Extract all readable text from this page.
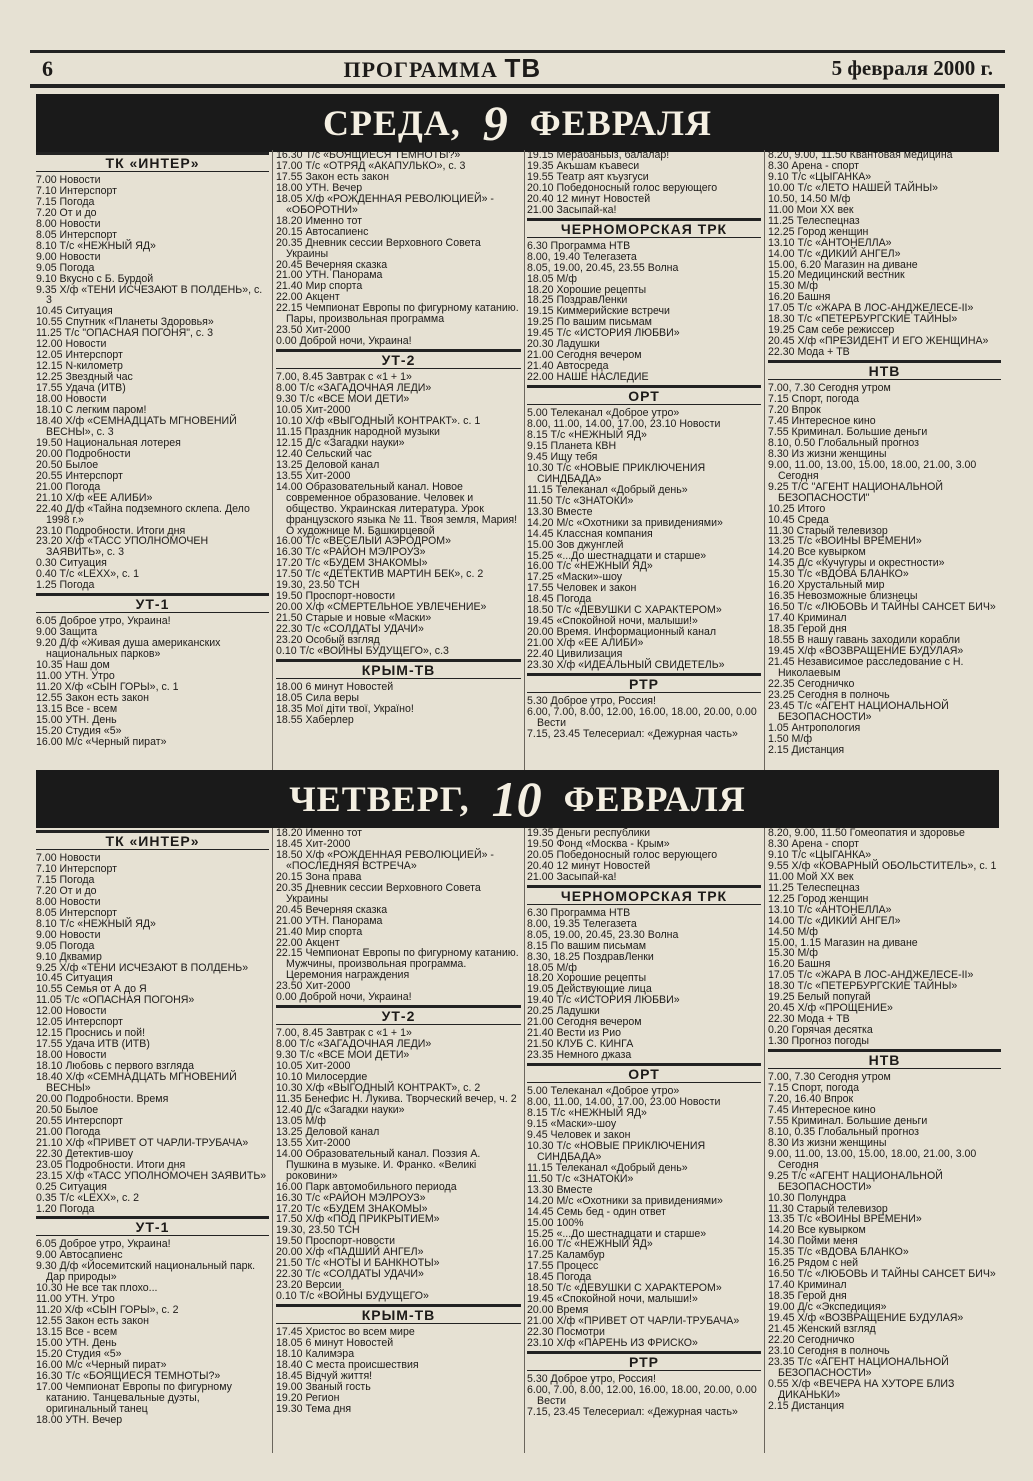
6	ПРОГРАММА ТВ	5 февраля 2000 г.
СРЕДА, 9 ФЕВРАЛЯ
ТК «ИНТЕР»
7.00 Новости
7.10 Интерспорт
7.15 Погода
7.20 От и до
8.00 Новости
8.05 Интерспорт
8.10 Т/с «НЕЖНЫЙ ЯД»
9.00 Новости
9.05 Погода
9.10 Вкусно с Б. Бурдой
9.35 Х/ф «ТЕНИ ИСЧЕЗАЮТ В ПОЛДЕНЬ», с. 3
10.45 Ситуация
10.55 Спутник «Планеты Здоровья»
11.25 Т/с "ОПАСНАЯ ПОГОНЯ", с. 3
12.00 Новости
12.05 Интерспорт
12.15 N-километр
12.25 Звездный час
17.55 Удача (ИТВ)
18.00 Новости
18.10 С легким паром!
18.40 Х/ф «СЕМНАДЦАТЬ МГНОВЕНИЙ ВЕСНЫ», с. 3
19.50 Национальная лотерея
20.00 Подробности
20.50 Былое
20.55 Интерспорт
21.00 Погода
21.10 Х/ф «ЕЕ АЛИБИ»
22.40 Д/ф «Тайна подземного склепа. Дело 1998 г.»
23.10 Подробности. Итоги дня
23.20 Х/ф «ТАСС УПОЛНОМОЧЕН ЗАЯВИТЬ», с. 3
0.30 Ситуация
0.40 Т/с «LEXX», с. 1
1.25 Погода
УТ-1
6.05 Доброе утро, Украина!
9.00 Защита
9.20 Д/ф «Живая душа американских национальных парков»
10.35 Наш дом
11.00 УТН. Утро
11.20 Х/ф «СЫН ГОРЫ», с. 1
12.55 Закон есть закон
13.15 Все - всем
15.00 УТН. День
15.20 Студия «5»
16.00 М/с «Черный пират»
16.30 Т/с «БОЯЩИЕСЯ ТЕМНОТЫ?»
17.00 Т/с «ОТРЯД «АКАПУЛЬКО», с. 3
17.55 Закон есть закон
18.00 УТН. Вечер
18.05 Х/ф «РОЖДЕННАЯ РЕВОЛЮЦИЕЙ» - «ОБОРОТНИ»
18.20 Именно тот
20.15 Автосапиенс
20.35 Дневник сессии Верховного Совета Украины
20.45 Вечерняя сказка
21.00 УТН. Панорама
21.40 Мир спорта
22.00 Акцент
22.15 Чемпионат Европы по фигурному катанию. Пары, произвольная программа
23.50 Хит-2000
0.00 Доброй ночи, Украина!
УТ-2
7.00, 8.45 Завтрак с «1 + 1»
8.00 Т/с «ЗАГАДОЧНАЯ ЛЕДИ»
9.30 Т/с «ВСЕ МОИ ДЕТИ»
10.05 Хит-2000
10.10 Х/ф «ВЫГОДНЫЙ КОНТРАКТ». с. 1
11.15 Праздник народной музыки
12.15 Д/с «Загадки науки»
12.40 Сельский час
13.25 Деловой канал
13.55 Хит-2000
14.00 Образовательный канал. Новое современное образование. Человек и общество. Украинская литература. Урок французского языка № 11. Твоя земля, Мария! О художнице М. Башкирцевой
16.00 Т/с «ВЕСЕЛЫЙ АЭРОДРОМ»
16.30 Т/с «РАЙОН МЭЛРОУЗ»
17.20 Т/с «БУДЕМ ЗНАКОМЫ»
17.50 Т/с «ДЕТЕКТИВ МАРТИН БЕК», с. 2
19.30, 23.50 ТСН
19.50 Проспорт-новости
20.00 Х/ф «СМЕРТЕЛЬНОЕ УВЛЕЧЕНИЕ»
21.50 Старые и новые «Маски»
22.30 Т/с «СОЛДАТЫ УДАЧИ»
23.20 Особый взгляд
0.10 Т/с «ВОЙНЫ БУДУЩЕГО», с.3
КРЫМ-ТВ
18.00 6 минут Новостей
18.05 Сила веры
18.35 Мої діти твої, Україно!
18.55 Хаберлер
19.15 Мерабаньыз, балалар!
19.35 Акъшам къавеси
19.55 Театр аят къузгуси
20.10 Победоносный голос верующего
20.40 12 минут Новостей
21.00 Засыпай-ка!
ЧЕРНОМОРСКАЯ ТРК
6.30 Программа НТВ
8.00, 19.40 Телегазета
8.05, 19.00, 20.45, 23.55 Волна
18.05 М/ф
18.20 Хорошие рецепты
18.25 ПоздравЛенки
19.15 Киммерийские встречи
19.25 По вашим письмам
19.45 Т/с «ИСТОРИЯ ЛЮБВИ»
20.30 Ладушки
21.00 Сегодня вечером
21.40 Автосреда
22.00 НАШЕ НАСЛЕДИЕ
ОРТ
5.00 Телеканал «Доброе утро»
8.00, 11.00, 14.00, 17.00, 23.10 Новости
8.15 Т/с «НЕЖНЫЙ ЯД»
9.15 Планета КВН
9.45 Ищу тебя
10.30 Т/с «НОВЫЕ ПРИКЛЮЧЕНИЯ СИНДБАДА»
11.15 Телеканал «Добрый день»
11.50 Т/с «ЗНАТОКИ»
13.30 Вместе
14.20 М/с «Охотники за привидениями»
14.45 Классная компания
15.00 Зов джунглей
15.25 «...До шестнадцати и старше»
16.00 Т/с «НЕЖНЫЙ ЯД»
17.25 «Маски»-шоу
17.55 Человек и закон
18.45 Погода
18.50 Т/с «ДЕВУШКИ С ХАРАКТЕРОМ»
19.45 «Спокойной ночи, малыши!»
20.00 Время. Информационный канал
21.00 Х/ф «ЕЕ АЛИБИ»
22.40 Цивилизация
23.30 Х/ф «ИДЕАЛЬНЫЙ СВИДЕТЕЛЬ»
РТР
5.30 Доброе утро, Россия!
6.00, 7.00, 8.00, 12.00, 16.00, 18.00, 20.00, 0.00 Вести
7.15, 23.45 Телесериал: «Дежурная часть»
8.20, 9.00, 11.50 Квантовая медицина
8.30 Арена - спорт
9.10 Т/с «ЦЫГАНКА»
10.00 Т/с «ЛЕТО НАШЕЙ ТАЙНЫ»
10.50, 14.50 М/ф
11.00 Мои XX век
11.25 Телеспецназ
12.25 Город женщин
13.10 Т/с «АНТОНЕЛЛА»
14.00 Т/с «ДИКИЙ АНГЕЛ»
15.00, 6.20 Магазин на диване
15.20 Медицинский вестник
15.30 М/ф
16.20 Башня
17.05 Т/с «ЖАРА В ЛОС-АНДЖЕЛЕСЕ-II»
18.30 Т/с «ПЕТЕРБУРГСКИЕ ТАЙНЫ»
19.25 Сам себе режиссер
20.45 Х/ф «ПРЕЗИДЕНТ И ЕГО ЖЕНЩИНА»
22.30 Мода + ТВ
НТВ
7.00, 7.30 Сегодня утром
7.15 Спорт, погода
7.20 Впрок
7.45 Интересное кино
7.55 Криминал. Большие деньги
8.10, 0.50 Глобальный прогноз
8.30 Из жизни женщины
9.00, 11.00, 13.00, 15.00, 18.00, 21.00, 3.00 Сегодня
9.25 Т/С "АГЕНТ НАЦИОНАЛЬНОЙ БЕЗОПАСНОСТИ"
10.25 Итого
10.45 Среда
11.30 Старый телевизор
13.25 Т/с «ВОИНЫ ВРЕМЕНИ»
14.20 Все кувырком
14.35 Д/с «Кучугуры и окрестности»
15.30 Т/с «ВДОВА БЛАНКО»
16.20 Хрустальный мир
16.35 Невозможные близнецы
16.50 Т/с «ЛЮБОВЬ И ТАЙНЫ САНСЕТ БИЧ»
17.40 Криминал
18.35 Герой дня
18.55 В нашу гавань заходили корабли
19.45 Х/ф «ВОЗВРАЩЕНИЕ БУДУЛАЯ»
21.45 Независимое расследование с Н. Николаевым
22.35 Сегодничко
23.25 Сегодня в полночь
23.45 Т/с «АГЕНТ НАЦИОНАЛЬНОЙ БЕЗОПАСНОСТИ»
1.05 Антропология
1.50 М/ф
2.15 Дистанция
ЧЕТВЕРГ, 10 ФЕВРАЛЯ
ТК «ИНТЕР»
7.00 Новости
7.10 Интерспорт
7.15 Погода
7.20 От и до
8.00 Новости
8.05 Интерспорт
8.10 Т/с «НЕЖНЫЙ ЯД»
9.00 Новости
9.05 Погода
9.10 Дквамир
9.25 Х/ф «ТЕНИ ИСЧЕЗАЮТ В ПОЛДЕНЬ»
10.45 Ситуация
10.55 Семья от А до Я
11.05 Т/с «ОПАСНАЯ ПОГОНЯ»
12.00 Новости
12.05 Интерспорт
12.15 Проснись и пой!
17.55 Удача ИТВ (ИТВ)
18.00 Новости
18.10 Любовь с первого взгляда
18.40 Х/ф «СЕМНАДЦАТЬ МГНОВЕНИЙ ВЕСНЫ»
20.00 Подробности. Время
20.50 Былое
20.55 Интерспорт
21.00 Погода
21.10 Х/ф «ПРИВЕТ ОТ ЧАРЛИ-ТРУБАЧА»
22.30 Детектив-шоу
23.05 Подробности. Итоги дня
23.15 Х/ф «ТАСС УПОЛНОМОЧЕН ЗАЯВИТЬ»
0.25 Ситуация
0.35 Т/с «LEXX», с. 2
1.20 Погода
УТ-1
6.05 Доброе утро, Украина!
9.00 Автосапиенс
9.30 Д/ф «Йосемитский национальный парк. Дар природы»
10.30 Не все так плохо...
11.00 УТН. Утро
11.20 Х/ф «СЫН ГОРЫ», с. 2
12.55 Закон есть закон
13.15 Все - всем
15.00 УТН. День
15.20 Студия «5»
16.00 М/с «Черный пират»
16.30 Т/с «БОЯЩИЕСЯ ТЕМНОТЫ?»
17.00 Чемпионат Европы по фигурному катанию. Танцевальные дуэты, оригинальный танец
18.00 УТН. Вечер
18.20 Именно тот
18.45 Хит-2000
18.50 Х/ф «РОЖДЕННАЯ РЕВОЛЮЦИЕЙ» - «ПОСЛЕДНЯЯ ВСТРЕЧА»
20.15 Зона права
20.35 Дневник сессии Верховного Совета Украины
20.45 Вечерняя сказка
21.00 УТН. Панорама
21.40 Мир спорта
22.00 Акцент
22.15 Чемпионат Европы по фигурному катанию. Мужчины, произвольная программа. Церемония награждения
23.50 Хит-2000
0.00 Доброй ночи, Украина!
УТ-2
7.00, 8.45 Завтрак с «1 + 1»
8.00 Т/с «ЗАГАДОЧНАЯ ЛЕДИ»
9.30 Т/с «ВСЕ МОИ ДЕТИ»
10.05 Хит-2000
10.10 Милосердие
10.30 Х/ф «ВЫГОДНЫЙ КОНТРАКТ», с. 2
11.35 Бенефис Н. Лукива. Творческий вечер, ч. 2
12.40 Д/с «Загадки науки»
13.05 М/ф
13.25 Деловой канал
13.55 Хит-2000
14.00 Образовательный канал. Поэзия А. Пушкина в музыке. И. Франко. «Великі роковини»
16.00 Парк автомобильного периода
16.30 Т/с «РАЙОН МЭЛРОУЗ»
17.20 Т/с «БУДЕМ ЗНАКОМЫ»
17.50 Х/ф «ПОД ПРИКРЫТИЕМ»
19.30, 23.50 ТСН
19.50 Проспорт-новости
20.00 Х/ф «ПАДШИЙ АНГЕЛ»
21.50 Т/с «НОТЫ И БАНКНОТЫ»
22.30 Т/с «СОЛДАТЫ УДАЧИ»
23.20 Версии
0.10 Т/с «ВОЙНЫ БУДУЩЕГО»
КРЫМ-ТВ
17.45 Христос во всем мире
18.05 6 минут Новостей
18.10 Калимэра
18.40 С места происшествия
18.45 Відчуй життя!
19.00 Званый гость
19.20 Регион
19.30 Тема дня
19.35 Деньги республики
19.50 Фонд «Москва - Крым»
20.05 Победоносный голос верующего
20.40 12 минут Новостей
21.00 Засыпай-ка!
ЧЕРНОМОРСКАЯ ТРК
6.30 Программа НТВ
8.00, 19.35 Телегазета
8.05, 19.00, 20.45, 23.30 Волна
8.15 По вашим письмам
8.30, 18.25 ПоздравЛенки
18.05 М/ф
18.20 Хорошие рецепты
19.05 Действующие лица
19.40 Т/с «ИСТОРИЯ ЛЮБВИ»
20.25 Ладушки
21.00 Сегодня вечером
21.40 Вести из Рио
21.50 КЛУБ С. КИНГА
23.35 Немного джаза
ОРТ
5.00 Телеканал «Доброе утро»
8.00, 11.00, 14.00, 17.00, 23.00 Новости
8.15 Т/с «НЕЖНЫЙ ЯД»
9.15 «Маски»-шоу
9.45 Человек и закон
10.30 Т/с «НОВЫЕ ПРИКЛЮЧЕНИЯ СИНДБАДА»
11.15 Телеканал «Добрый день»
11.50 Т/с «ЗНАТОКИ»
13.30 Вместе
14.20 М/с «Охотники за привидениями»
14.45 Семь бед - один ответ
15.00 100%
15.25 «...До шестнадцати и старше»
16.00 Т/с «НЕЖНЫЙ ЯД»
17.25 Каламбур
17.55 Процесс
18.45 Погода
18.50 Т/с «ДЕВУШКИ С ХАРАКТЕРОМ»
19.45 «Спокойной ночи, малыши!»
20.00 Время
21.00 Х/ф «ПРИВЕТ ОТ ЧАРЛИ-ТРУБАЧА»
22.30 Посмотри
23.10 Х/ф «ПАРЕНЬ ИЗ ФРИСКО»
РТР
5.30 Доброе утро, Россия!
6.00, 7.00, 8.00, 12.00, 16.00, 18.00, 20.00, 0.00 Вести
7.15, 23.45 Телесериал: «Дежурная часть»
8.20, 9.00, 11.50 Гомеопатия и здоровье
8.30 Арена - спорт
9.10 Т/с «ЦЫГАНКА»
9.55 Х/ф «КОВАРНЫЙ ОБОЛЬСТИТЕЛЬ», с. 1
11.00 Мой XX век
11.25 Телеспецназ
12.25 Город женщин
13.10 Т/с «АНТОНЕЛЛА»
14.00 Т/с «ДИКИЙ АНГЕЛ»
14.50 М/ф
15.00, 1.15 Магазин на диване
15.30 М/ф
16.20 Башня
17.05 Т/с «ЖАРА В ЛОС-АНДЖЕЛЕСЕ-II»
18.30 Т/с «ПЕТЕРБУРГСКИЕ ТАЙНЫ»
19.25 Белый попугай
20.45 Х/ф «ПРОЩЕНИЕ»
22.30 Мода + ТВ
0.20 Горячая десятка
1.30 Прогноз погоды
НТВ
7.00, 7.30 Сегодня утром
7.15 Спорт, погода
7.20, 16.40 Впрок
7.45 Интересное кино
7.55 Криминал. Большие деньги
8.10, 0.35 Глобальный прогноз
8.30 Из жизни женщины
9.00, 11.00, 13.00, 15.00, 18.00, 21.00, 3.00 Сегодня
9.25 Т/с «АГЕНТ НАЦИОНАЛЬНОЙ БЕЗОПАСНОСТИ»
10.30 Полундра
11.30 Старый телевизор
13.35 Т/с «ВОИНЫ ВРЕМЕНИ»
14.20 Все кувырком
14.30 Пойми меня
15.35 Т/с «ВДОВА БЛАНКО»
16.25 Рядом с ней
16.50 Т/с «ЛЮБОВЬ И ТАЙНЫ САНСЕТ БИЧ»
17.40 Криминал
18.35 Герой дня
19.00 Д/с «Экспедиция»
19.45 Х/ф «ВОЗВРАЩЕНИЕ БУДУЛАЯ»
21.45 Женский взгляд
22.20 Сегодничко
23.10 Сегодня в полночь
23.35 Т/с «АГЕНТ НАЦИОНАЛЬНОЙ БЕЗОПАСНОСТИ»
0.55 Х/ф «ВЕЧЕРА НА ХУТОРЕ БЛИЗ ДИКАНЬКИ»
2.15 Дистанция
